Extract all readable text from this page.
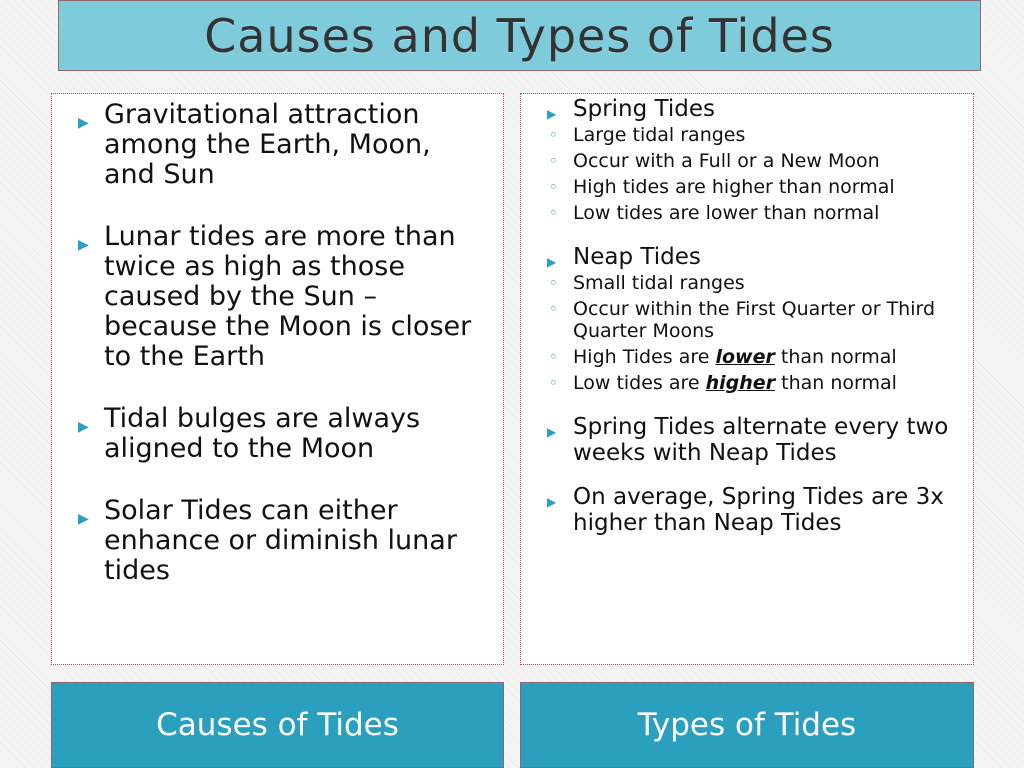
Causes and Types of Tides
▶ Gravitational attraction among the Earth, Moon, and Sun
▶ Lunar tides are more than twice as high as those caused by the Sun – because the Moon is closer to the Earth
▶ Tidal bulges are always aligned to the Moon
▶ Solar Tides can either enhance or diminish lunar tides
▶ Spring Tides
◦ Large tidal ranges
◦ Occur with a Full or a New Moon
◦ High tides are higher than normal
◦ Low tides are lower than normal
▶ Neap Tides
◦ Small tidal ranges
◦ Occur within the First Quarter or Third Quarter Moons
◦ High Tides are lower than normal
◦ Low tides are higher than normal
▶ Spring Tides alternate every two weeks with Neap Tides
▶ On average, Spring Tides are 3x higher than Neap Tides
Causes of Tides	Types of Tides
